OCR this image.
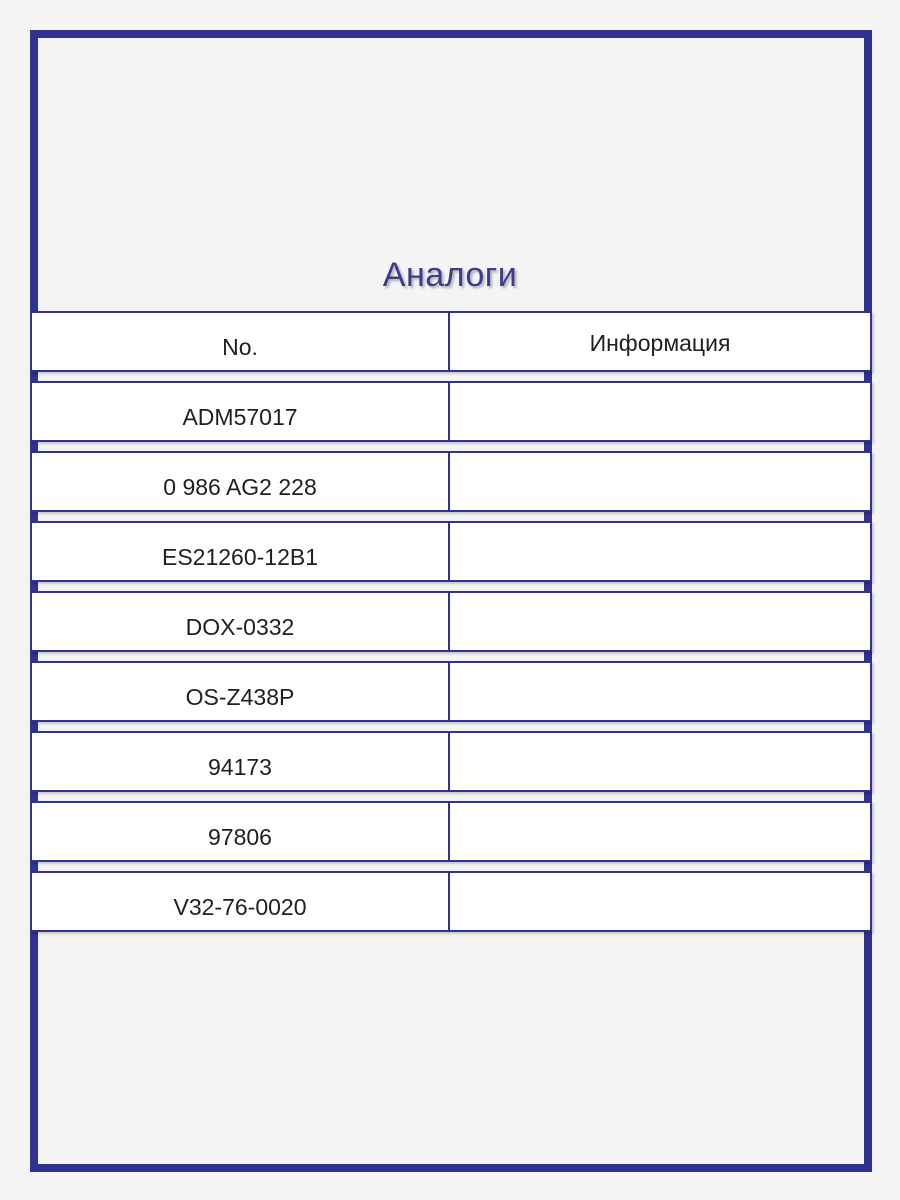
Аналоги
No.	Информация
ADM57017
0 986 AG2 228
ES21260-12B1
DOX-0332
OS-Z438P
94173
97806
V32-76-0020
